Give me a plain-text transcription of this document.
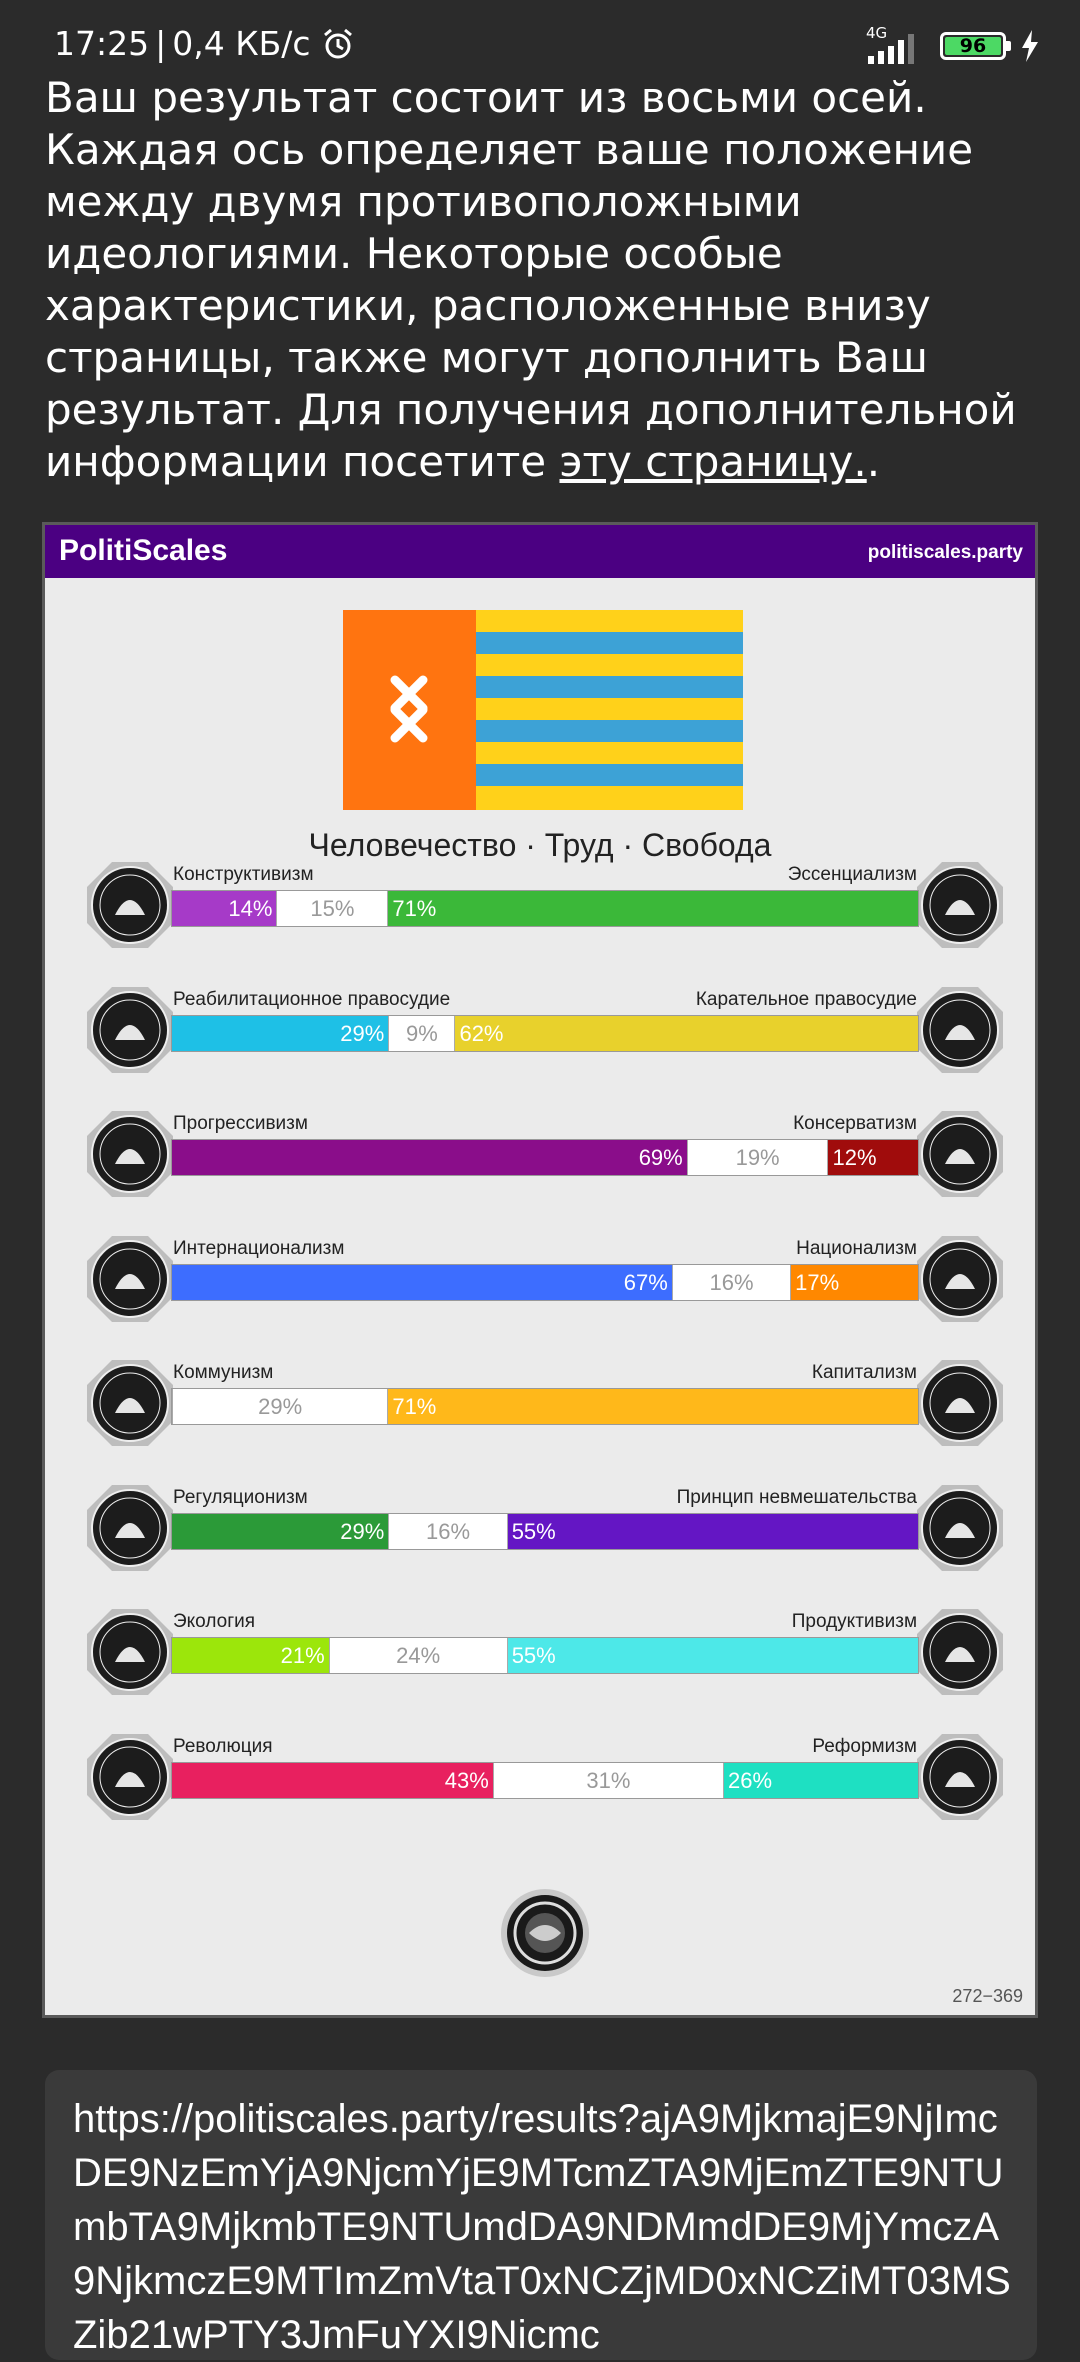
17:25 | 0,4 КБ/с	4G
96
Ваш результат состоит из восьми осей. Каждая ось определяет ваше положение между двумя противоположными идеологиями. Некоторые особые характеристики, расположенные внизу страницы, также могут дополнить Ваш результат. Для получения дополнительной информации посетите эту страницу..
PolitiScales	politiscales.party
Человечество · Труд · Свобода
Конструктивизм	Эссенциализм
14%	15%	71%
Реабилитационное правосудие	Карательное правосудие
29% 9% 62%
Прогрессивизм	Консерватизм
69%	19%	12%
Интернационализм	Национализм
67%	16%	17%
Коммунизм	Капитализм
29%	71%
Регуляционизм	Принцип невмешательства
29%	16%	55%
Экология	Продуктивизм
21%	24%	55%
Революция	Реформизм
43%	31%	26%
272−369
https://politiscales.party/results?ajA9MjkmajE9NjImcDE9NzEmYjA9NjcmYjE9MTcmZTA9MjEmZTE9NTUmbTA9MjkmbTE9NTUmdDA9NDMmdDE9MjYmczA9NjkmczE9MTImZmVtaT0xNCZjMD0xNCZiMT03MSZib21wPTY3JmFuYXI9Nicmc
